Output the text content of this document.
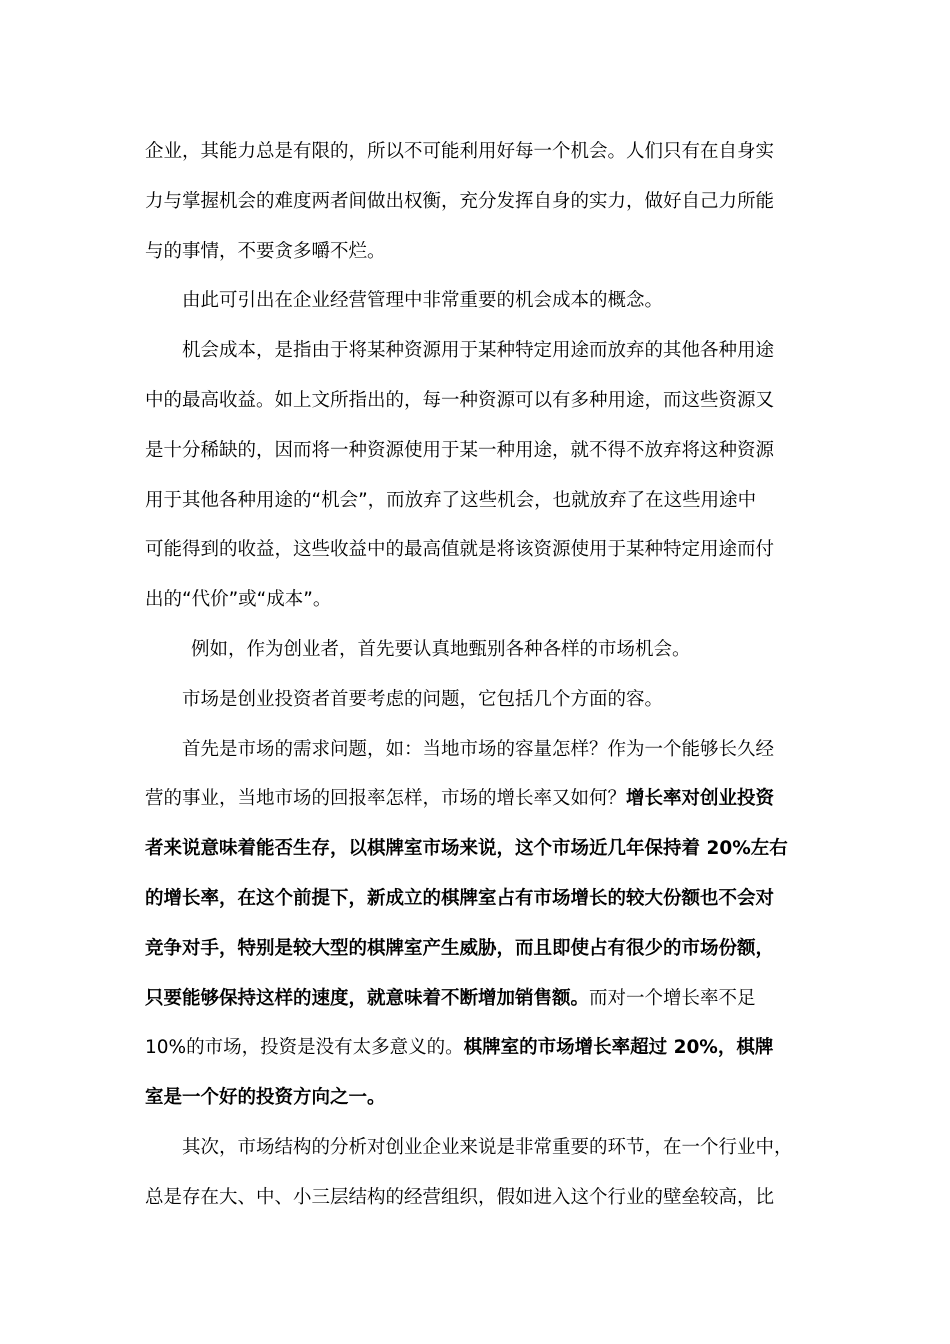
企业，其能力总是有限的，所以不可能利用好每一个机会。人们只有在自身实
力与掌握机会的难度两者间做出权衡，充分发挥自身的实力，做好自己力所能
与的事情，不要贪多嚼不烂。
由此可引出在企业经营管理中非常重要的机会成本的概念。
机会成本，是指由于将某种资源用于某种特定用途而放弃的其他各种用途
中的最高收益。如上文所指出的，每一种资源可以有多种用途，而这些资源又
是十分稀缺的，因而将一种资源使用于某一种用途，就不得不放弃将这种资源
用于其他各种用途的“机会”，而放弃了这些机会，也就放弃了在这些用途中
可能得到的收益，这些收益中的最高值就是将该资源使用于某种特定用途而付
出的“代价”或“成本”。
例如，作为创业者，首先要认真地甄别各种各样的市场机会。
市场是创业投资者首要考虑的问题，它包括几个方面的容。
首先是市场的需求问题，如：当地市场的容量怎样？作为一个能够长久经
营的事业，当地市场的回报率怎样，市场的增长率又如何？增长率对创业投资
者来说意味着能否生存，以棋牌室市场来说，这个市场近几年保持着 20%左右
的增长率，在这个前提下，新成立的棋牌室占有市场增长的较大份额也不会对
竞争对手，特别是较大型的棋牌室产生威胁，而且即使占有很少的市场份额，
只要能够保持这样的速度，就意味着不断增加销售额。而对一个增长率不足
10%的市场，投资是没有太多意义的。棋牌室的市场增长率超过 20%，棋牌
室是一个好的投资方向之一。
其次，市场结构的分析对创业企业来说是非常重要的环节，在一个行业中，
总是存在大、中、小三层结构的经营组织，假如进入这个行业的壁垒较高，比
